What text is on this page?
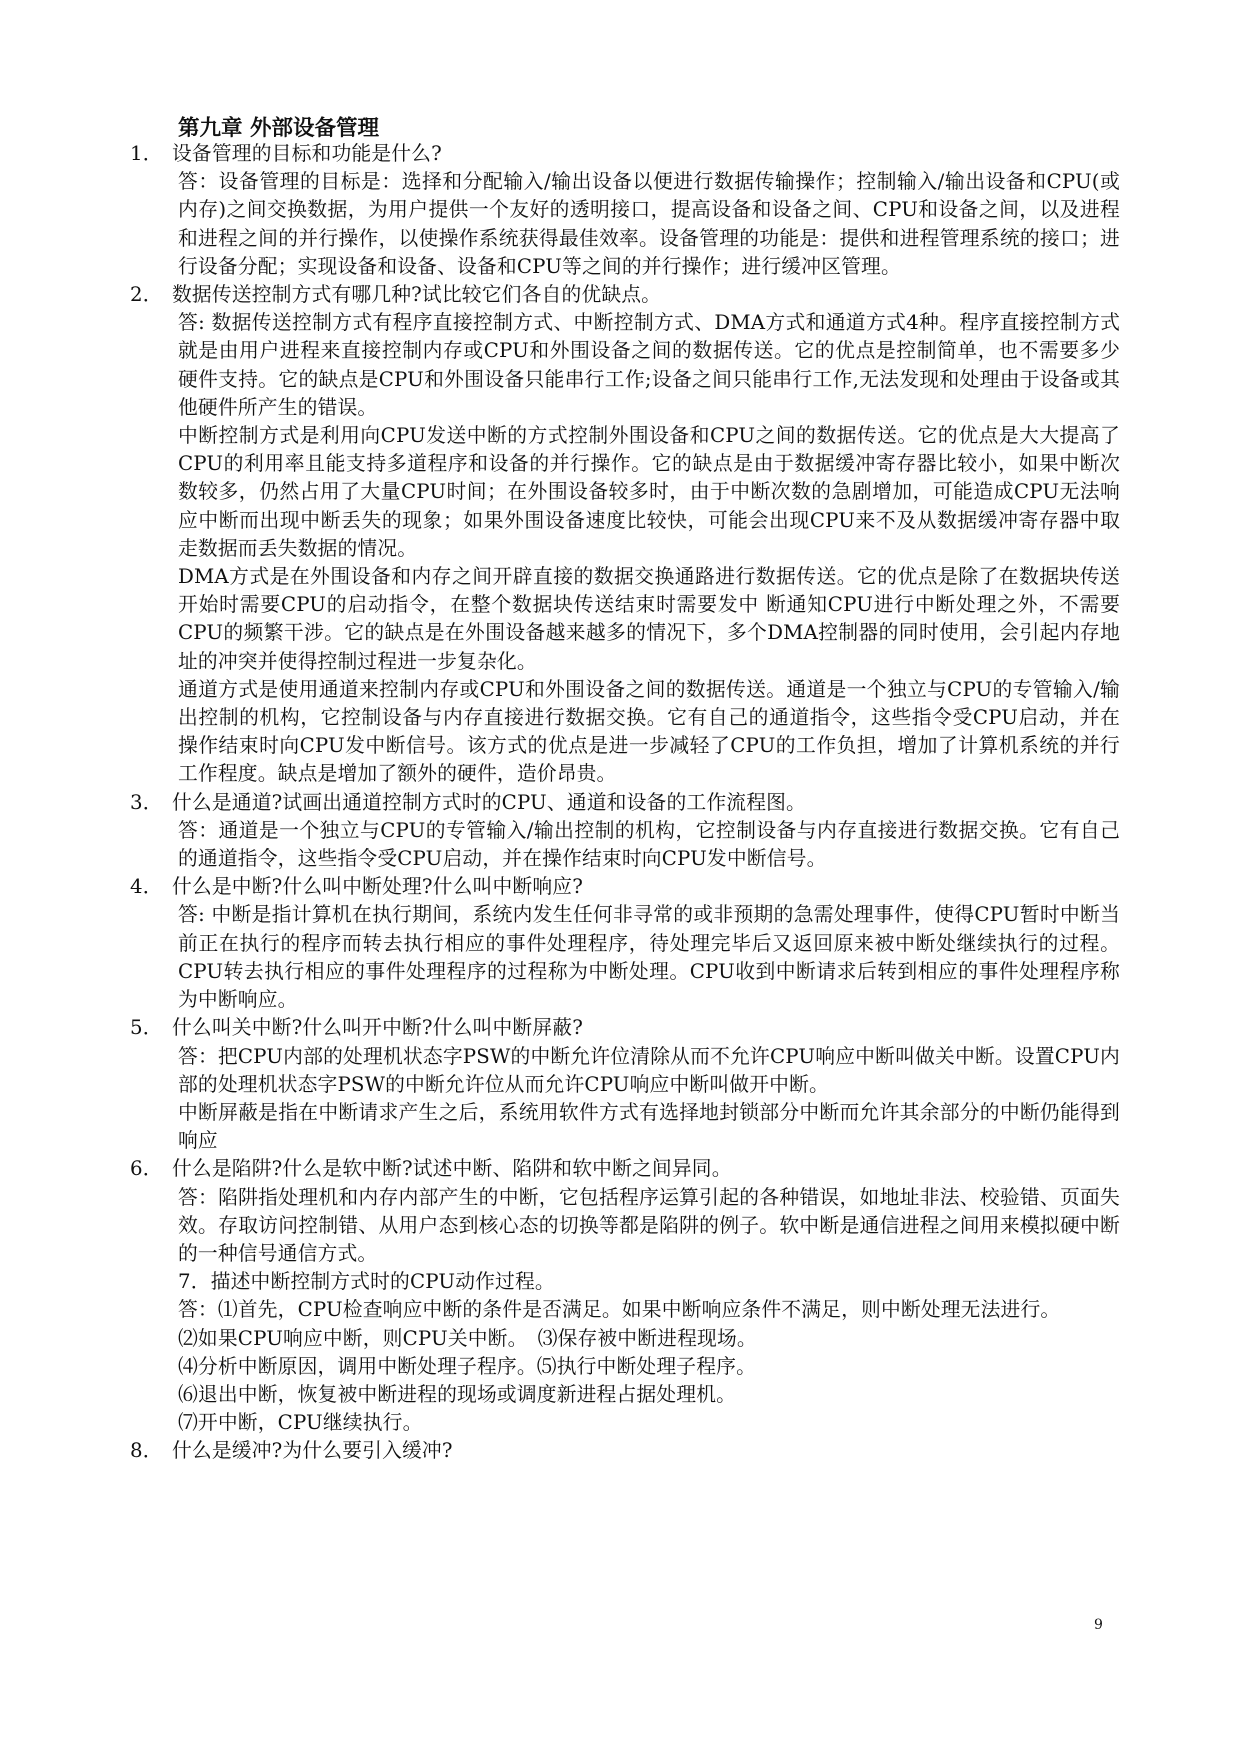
第九章 外部设备管理
1． 设备管理的目标和功能是什么?

答：设备管理的目标是：选择和分配输入/输出设备以便进行数据传输操作；控制输入/输出设备和CPU(或内存)之间交换数据，为用户提供一个友好的透明接口，提高设备和设备之间、CPU和设备之间，以及进程和进程之间的并行操作，以使操作系统获得最佳效率。设备管理的功能是：提供和进程管理系统的接口；进行设备分配；实现设备和设备、设备和CPU等之间的并行操作；进行缓冲区管理。

2． 数据传送控制方式有哪几种?试比较它们各自的优缺点。

答: 数据传送控制方式有程序直接控制方式、中断控制方式、DMA方式和通道方式4种。程序直接控制方式就是由用户进程来直接控制内存或CPU和外围设备之间的数据传送。它的优点是控制简单，也不需要多少硬件支持。它的缺点是CPU和外围设备只能串行工作;设备之间只能串行工作,无法发现和处理由于设备或其他硬件所产生的错误。

中断控制方式是利用向CPU发送中断的方式控制外围设备和CPU之间的数据传送。它的优点是大大提高了CPU的利用率且能支持多道程序和设备的并行操作。它的缺点是由于数据缓冲寄存器比较小，如果中断次数较多，仍然占用了大量CPU时间；在外围设备较多时，由于中断次数的急剧增加，可能造成CPU无法响应中断而出现中断丢失的现象；如果外围设备速度比较快，可能会出现CPU来不及从数据缓冲寄存器中取走数据而丢失数据的情况。

DMA方式是在外围设备和内存之间开辟直接的数据交换通路进行数据传送。它的优点是除了在数据块传送开始时需要CPU的启动指令，在整个数据块传送结束时需要发中 断通知CPU进行中断处理之外，不需要CPU的频繁干涉。它的缺点是在外围设备越来越多的情况下，多个DMA控制器的同时使用，会引起内存地址的冲突并使得控制过程进一步复杂化。

通道方式是使用通道来控制内存或CPU和外围设备之间的数据传送。通道是一个独立与CPU的专管输入/输出控制的机构，它控制设备与内存直接进行数据交换。它有自己的通道指令，这些指令受CPU启动，并在操作结束时向CPU发中断信号。该方式的优点是进一步减轻了CPU的工作负担，增加了计算机系统的并行工作程度。缺点是增加了额外的硬件，造价昂贵。

3． 什么是通道?试画出通道控制方式时的CPU、通道和设备的工作流程图。

答：通道是一个独立与CPU的专管输入/输出控制的机构，它控制设备与内存直接进行数据交换。它有自己的通道指令，这些指令受CPU启动，并在操作结束时向CPU发中断信号。

4． 什么是中断?什么叫中断处理?什么叫中断响应?

答: 中断是指计算机在执行期间，系统内发生任何非寻常的或非预期的急需处理事件，使得CPU暂时中断当前正在执行的程序而转去执行相应的事件处理程序，待处理完毕后又返回原来被中断处继续执行的过程。CPU转去执行相应的事件处理程序的过程称为中断处理。CPU收到中断请求后转到相应的事件处理程序称为中断响应。

5． 什么叫关中断?什么叫开中断?什么叫中断屏蔽?

答：把CPU内部的处理机状态字PSW的中断允许位清除从而不允许CPU响应中断叫做关中断。设置CPU内部的处理机状态字PSW的中断允许位从而允许CPU响应中断叫做开中断。

中断屏蔽是指在中断请求产生之后，系统用软件方式有选择地封锁部分中断而允许其余部分的中断仍能得到响应

6． 什么是陷阱?什么是软中断?试述中断、陷阱和软中断之间异同。

答：陷阱指处理机和内存内部产生的中断，它包括程序运算引起的各种错误，如地址非法、校验错、页面失效。存取访问控制错、从用户态到核心态的切换等都是陷阱的例子。软中断是通信进程之间用来模拟硬中断的一种信号通信方式。

7．描述中断控制方式时的CPU动作过程。

答：⑴首先，CPU检查响应中断的条件是否满足。如果中断响应条件不满足，则中断处理无法进行。

⑵如果CPU响应中断，则CPU关中断。　⑶保存被中断进程现场。

⑷分析中断原因，调用中断处理子程序。⑸执行中断处理子程序。

⑹退出中断，恢复被中断进程的现场或调度新进程占据处理机。

⑺开中断，CPU继续执行。

8． 什么是缓冲?为什么要引入缓冲?
9
